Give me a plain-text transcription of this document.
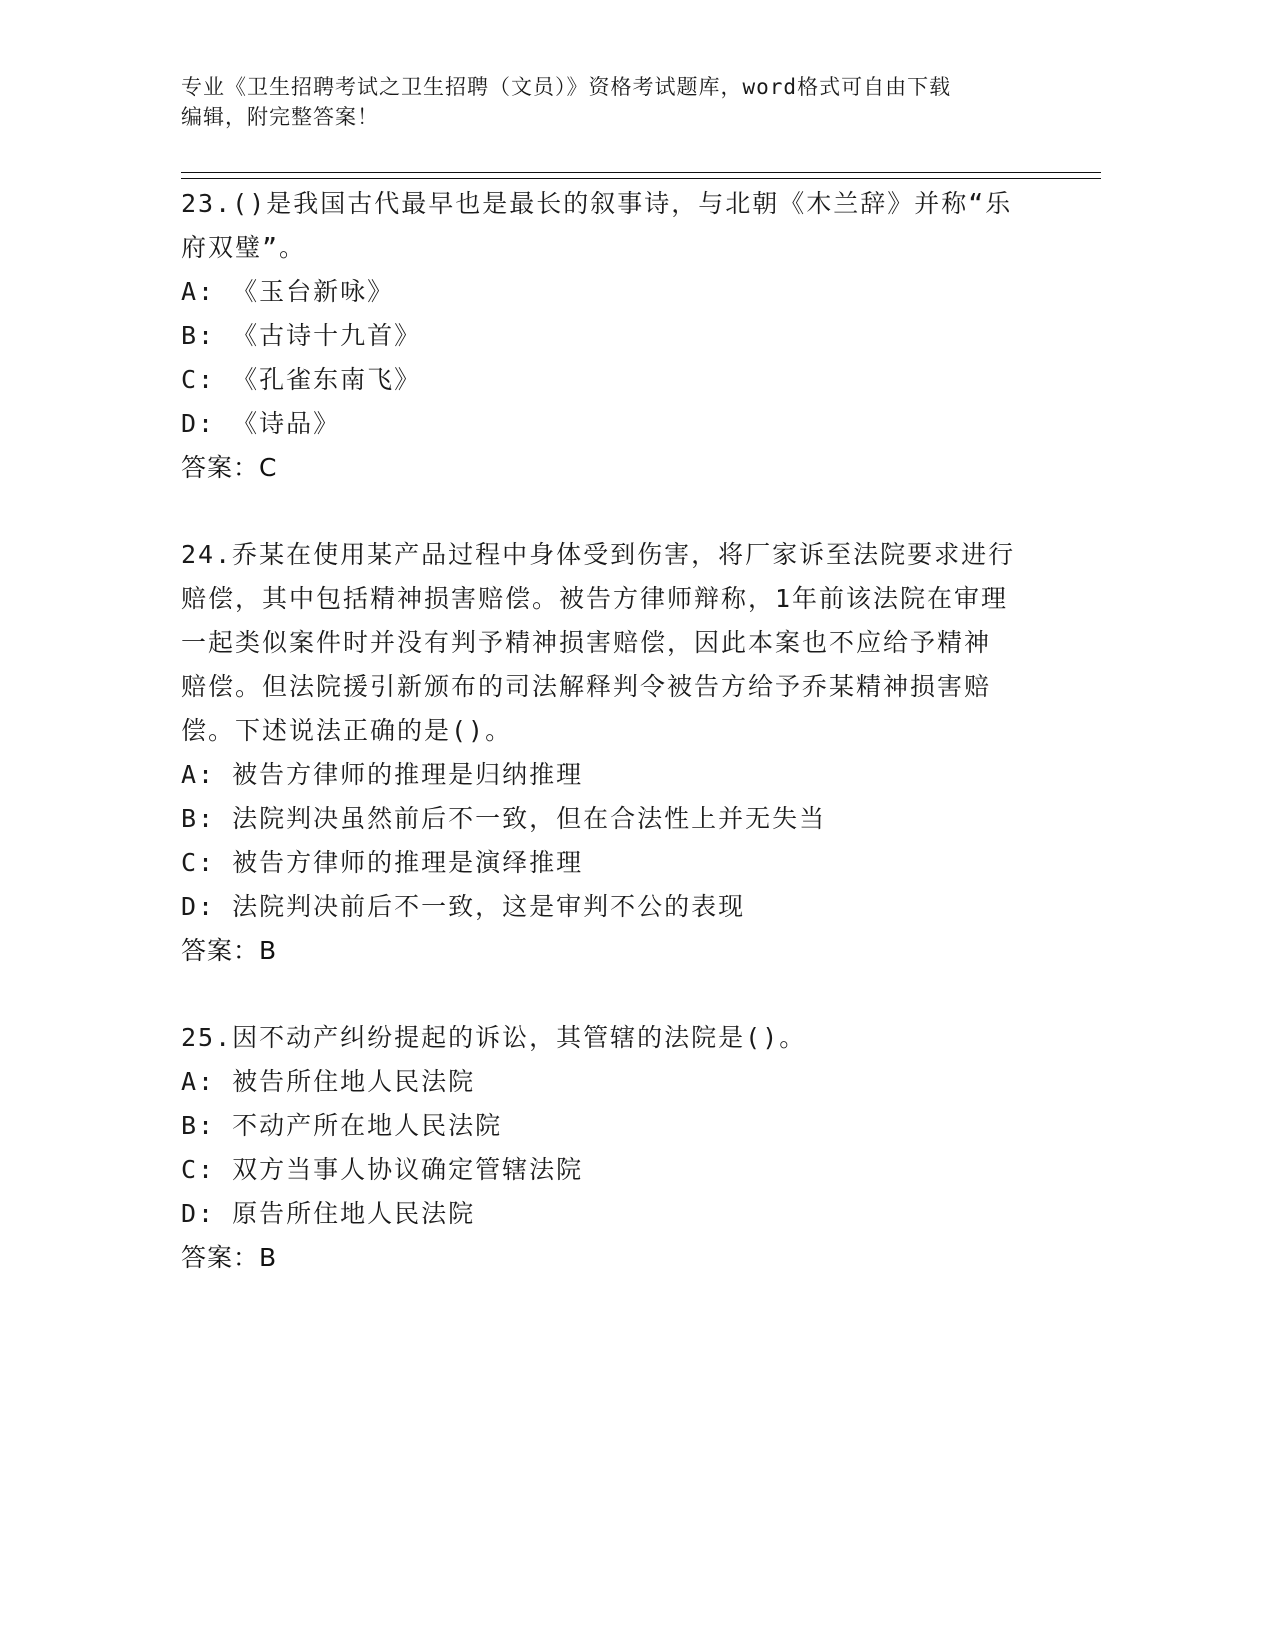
专业《卫生招聘考试之卫生招聘（文员）》资格考试题库，word格式可自由下载
编辑，附完整答案！
23.()是我国古代最早也是最长的叙事诗，与北朝《木兰辞》并称“乐
府双璧”。
A: 《玉台新咏》
B: 《古诗十九首》
C: 《孔雀东南飞》
D: 《诗品》
答案：C
24.乔某在使用某产品过程中身体受到伤害，将厂家诉至法院要求进行
赔偿，其中包括精神损害赔偿。被告方律师辩称，1年前该法院在审理
一起类似案件时并没有判予精神损害赔偿，因此本案也不应给予精神
赔偿。但法院援引新颁布的司法解释判令被告方给予乔某精神损害赔
偿。下述说法正确的是()。
A: 被告方律师的推理是归纳推理
B: 法院判决虽然前后不一致，但在合法性上并无失当
C: 被告方律师的推理是演绎推理
D: 法院判决前后不一致，这是审判不公的表现
答案：B
25.因不动产纠纷提起的诉讼，其管辖的法院是()。
A: 被告所住地人民法院
B: 不动产所在地人民法院
C: 双方当事人协议确定管辖法院
D: 原告所住地人民法院
答案：B
